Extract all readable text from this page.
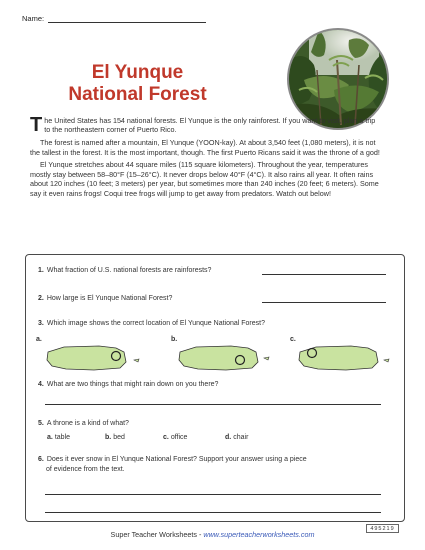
Name:
El Yunque
National Forest

The United States has 154 national forests. El Yunque is the only rainforest. If you want to visit, plan a trip to the northeastern corner of Puerto Rico.

The forest is named after a mountain, El Yunque (YOON-kay). At about 3,540 feet (1,080 meters), it is not the tallest in the forest. It is the most important, though. The first Puerto Ricans said it was the throne of a god!

El Yunque stretches about 44 square miles (115 square kilometers). Throughout the year, temperatures mostly stay between 58–80°F (15–26°C). It never drops below 40°F (4°C). It also rains all year. It often rains about 120 inches (10 feet; 3 meters) per year, but sometimes more than 240 inches (20 feet; 6 meters). Some say it even rains frogs! Coqui tree frogs will jump to get away from predators. Watch out below!

1. What fraction of U.S. national forests are rainforests?
2. How large is El Yunque National Forest?
3. Which image shows the correct location of El Yunque National Forest?
a.	b.	c.
4. What are two things that might rain down on you there?
5. A throne is a kind of what?
a. table	b. bed	c. office	d. chair
6. Does it ever snow in El Yunque National Forest? Support your answer using a piece
of evidence from the text.
Super Teacher Worksheets - www.superteacherworksheets.com
495219
